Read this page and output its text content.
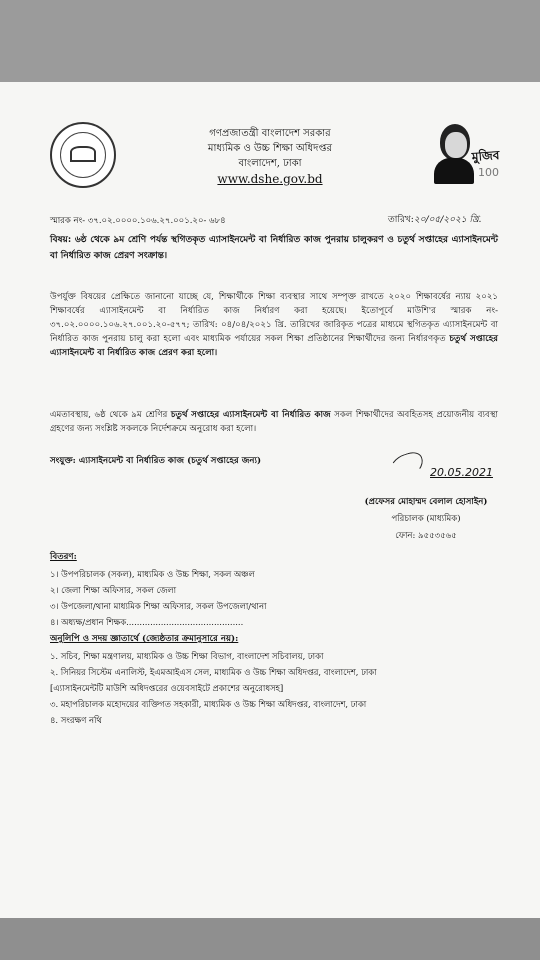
গণপ্রজাতন্ত্রী বাংলাদেশ সরকার
মাধ্যমিক ও উচ্চ শিক্ষা অধিদপ্তর
বাংলাদেশ, ঢাকা
www.dshe.gov.bd
মুজিব
100
স্মারক নং- ৩৭.০২.০০০০.১০৬.২৭.০০১.২০- ৬৮৪	তারিখ:২০/০৫/২০২১ খ্রি.
বিষয়: ৬ষ্ঠ থেকে ৯ম শ্রেণি পর্যন্ত স্থগিতকৃত এ্যাসাইনমেন্ট বা নির্ধারিত কাজ পুনরায় চালুকরণ ও চতুর্থ সপ্তাহের এ্যাসাইনমেন্ট বা নির্ধারিত কাজ প্রেরণ সংক্রান্ত।
উপর্যুক্ত বিষয়ের প্রেক্ষিতে জানানো যাচ্ছে যে, শিক্ষার্থীকে শিক্ষা ব্যবস্থার সাথে সম্পৃক্ত রাখতে ২০২০ শিক্ষাবর্ষের ন্যায় ২০২১ শিক্ষাবর্ষের এ্যাসাইনমেন্ট বা নির্ধারিত কাজ নির্ধারণ করা হয়েছে। ইতোপূর্বে মাউশি'র স্মারক নং- ৩৭.০২.০০০০.১০৬.২৭.০০১.২০-৫৭৭; তারিখ: ০৪/০৪/২০২১ খ্রি. তারিখের জারিকৃত পত্রের মাধ্যমে স্থগিতকৃত এ্যাসাইনমেন্ট বা নির্ধারিত কাজ পুনরায় চালু করা হলো এবং মাধ্যমিক পর্যায়ের সকল শিক্ষা প্রতিষ্ঠানের শিক্ষার্থীদের জন্য নির্ধারণকৃত চতুর্থ সপ্তাহের এ্যাসাইনমেন্ট বা নির্ধারিত কাজ প্রেরণ করা হলো।
এমতাবস্থায়, ৬ষ্ঠ থেকে ৯ম শ্রেণির চতুর্থ সপ্তাহের এ্যাসাইনমেন্ট বা নির্ধারিত কাজ সকল শিক্ষার্থীদের অবহিতসহ প্রয়োজনীয় ব্যবস্থা গ্রহণের জন্য সংশ্লিষ্ট সকলকে নির্দেশক্রমে অনুরোধ করা হলো।
সংযুক্ত: এ্যাসাইনমেন্ট বা নির্ধারিত কাজ (চতুর্থ সপ্তাহের জন্য)
20.05.2021
(প্রফেসর মোহাম্মদ বেলাল হোসাইন)
পরিচালক (মাধ্যমিক)
ফোন: ৯৫৫৩৫৬৫
বিতরণ:
১। উপপরিচালক (সকল), মাধ্যমিক ও উচ্চ শিক্ষা, সকল অঞ্চল
২। জেলা শিক্ষা অফিসার, সকল জেলা
৩। উপজেলা/থানা মাধ্যমিক শিক্ষা অফিসার, সকল উপজেলা/থানা
৪। অধ্যক্ষ/প্রধান শিক্ষক............................................
অনুলিপি ও সদয় জ্ঞাতার্থে (জ্যেষ্ঠতার ক্রমানুসারে নয়):
১. সচিব, শিক্ষা মন্ত্রণালয়, মাধ্যমিক ও উচ্চ শিক্ষা বিভাগ, বাংলাদেশ সচিবালয়, ঢাকা
২. সিনিয়র সিস্টেম এনালিস্ট, ইএমআইএস সেল, মাধ্যমিক ও উচ্চ শিক্ষা অধিদপ্তর, বাংলাদেশ, ঢাকা
[এ্যাসাইনমেন্টটি মাউশি অধিদপ্তরের ওয়েবসাইটে প্রকাশের অনুরোধসহ]
৩. মহাপরিচালক মহোদয়ের ব্যক্তিগত সহকারী, মাধ্যমিক ও উচ্চ শিক্ষা অধিদপ্তর, বাংলাদেশ, ঢাকা
৪. সংরক্ষণ নথি
